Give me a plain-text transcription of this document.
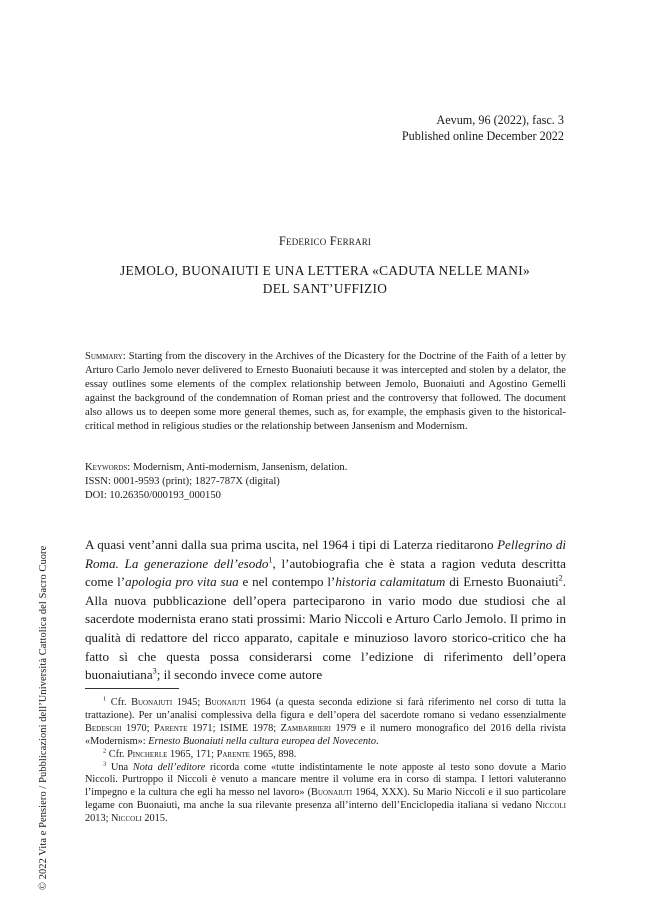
Aevum, 96 (2022), fasc. 3
Published online December 2022
Federico Ferrari
JEMOLO, BUONAIUTI E UNA LETTERA «CADUTA NELLE MANI»
DEL SANT’UFFIZIO
Summary: Starting from the discovery in the Archives of the Dicastery for the Doctrine of the Faith of a letter by Arturo Carlo Jemolo never delivered to Ernesto Buonaiuti because it was intercepted and stolen by a delator, the essay outlines some elements of the complex relationship between Jemolo, Buonaiuti and Agostino Gemelli against the background of the condemnation of Roman priest and the controversy that followed. The document also allows us to deepen some more general themes, such as, for example, the emphasis given to the historical-critical method in religious studies or the relationship between Jansenism and Modernism.
Keywords: Modernism, Anti-modernism, Jansenism, delation.
ISSN: 0001-9593 (print); 1827-787X (digital)
DOI: 10.26350/000193_000150
A quasi vent’anni dalla sua prima uscita, nel 1964 i tipi di Laterza rieditarono Pellegrino di Roma. La generazione dell’esodo$^1$, l’autobiografia che è stata a ragion veduta descritta come l’apologia pro vita sua e nel contempo l’historia calamitatum di Ernesto Buonaiuti$^2$. Alla nuova pubblicazione dell’opera parteciparono in vario modo due studiosi che al sacerdote modernista erano stati prossimi: Mario Niccoli e Arturo Carlo Jemolo. Il primo in qualità di redattore del ricco apparato, capitale e minuzioso lavoro storico-critico che ha fatto sì che questa possa considerarsi come l’edizione di riferimento dell’opera buonaiutiana$^3$; il secondo invece come autore

$^1$ Cfr. Buonaiuti 1945; Buonaiuti 1964 (a questa seconda edizione si farà riferimento nel corso di tutta la trattazione). Per un’analisi complessiva della figura e dell’opera del sacerdote romano si vedano essenzialmente Bedeschi 1970; Parente 1971; ISIME 1978; Zambarbieri 1979 e il numero monografico del 2016 della rivista «Modernism»: Ernesto Buonaiuti nella cultura europea del Novecento.

$^2$ Cfr. Pincherle 1965, 171; Parente 1965, 898.

$^3$ Una Nota dell’editore ricorda come «tutte indistintamente le note apposte al testo sono dovute a Mario Niccoli. Purtroppo il Niccoli è venuto a mancare mentre il volume era in corso di stampa. I lettori valuteranno l’impegno e la cultura che egli ha messo nel lavoro» (Buonaiuti 1964, XXX). Su Mario Niccoli e il suo particolare legame con Buonaiuti, ma anche la sua rilevante presenza all’interno dell’Enciclopedia italiana si vedano Niccoli 2013; Niccoli 2015.

© 2022 Vita e Pensiero / Pubblicazioni dell’Università Cattolica del Sacro Cuore
